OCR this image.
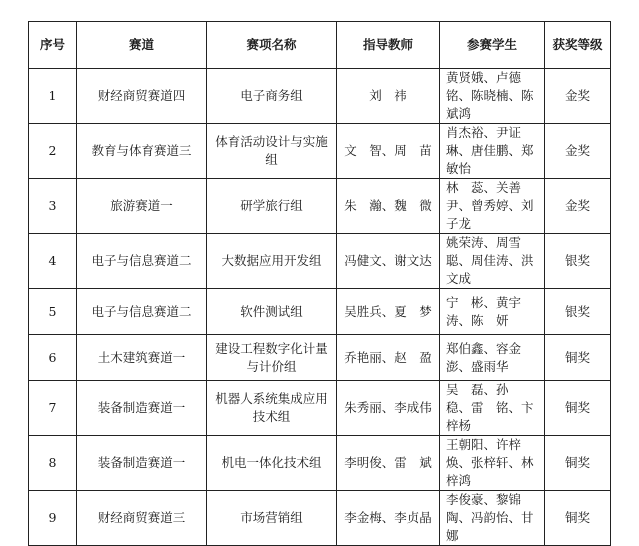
序号	赛道	赛项名称	指导教师	参赛学生	获奖等级
1	财经商贸赛道四	电子商务组	刘　祎	黄贤娥、卢德铭、陈晓楠、陈斌鸿	金奖
2	教育与体育赛道三	体育活动设计与实施组	文　智、周　苗	肖杰裕、尹证琳、唐佳鹏、郑敏怡	金奖
3	旅游赛道一	研学旅行组	朱　瀚、魏　微	林　蕊、关善尹、曾秀婷、刘子龙	金奖
4	电子与信息赛道二	大数据应用开发组	冯健文、谢文达	姚荣涛、周雪聪、周佳涛、洪文成	银奖
5	电子与信息赛道二	软件测试组	吴胜兵、夏　梦	宁　彬、黄宇涛、陈　妍	银奖
6	土木建筑赛道一	建设工程数字化计量与计价组	乔艳丽、赵　盈	郑伯鑫、容金澎、盛雨华	铜奖
7	装备制造赛道一	机器人系统集成应用技术组	朱秀丽、李成伟	吴　磊、孙　稳、雷　铭、卞梓杨	铜奖
8	装备制造赛道一	机电一体化技术组	李明俊、雷　斌	王朝阳、许梓焕、张梓轩、林梓鸿	铜奖
9	财经商贸赛道三	市场营销组	李金梅、李贞晶	李俊豪、黎锦陶、冯韵怡、甘　娜	铜奖
